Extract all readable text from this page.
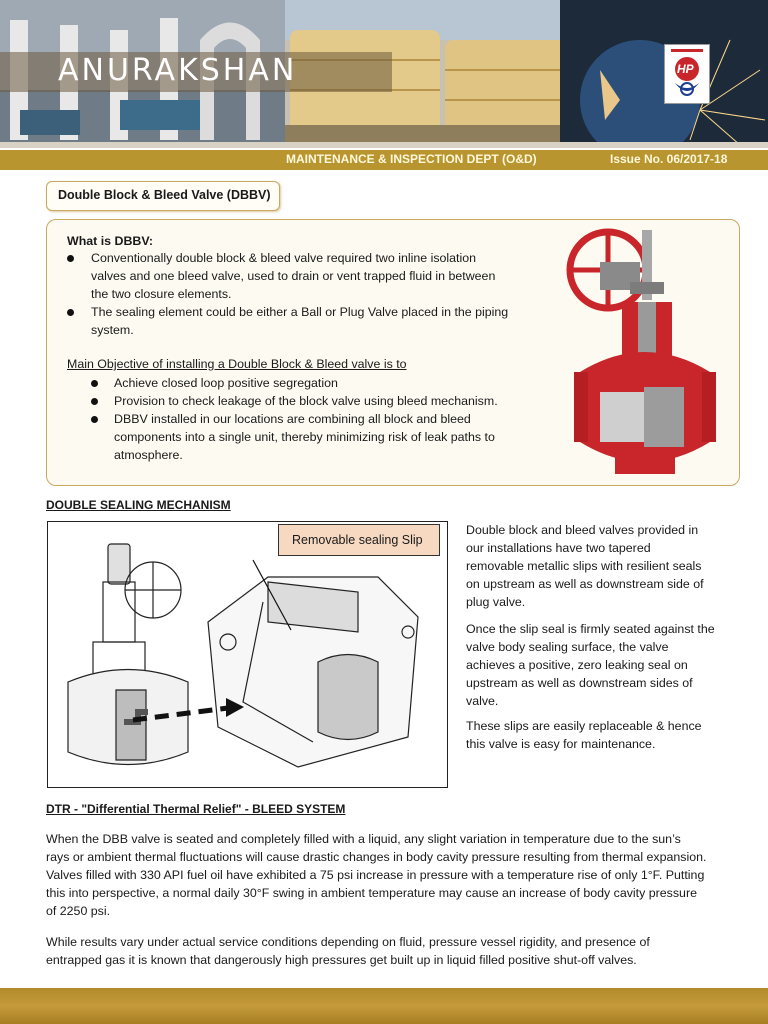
ANURAKSHAN	HP
MAINTENANCE & INSPECTION DEPT (O&D)	Issue No. 06/2017-18
Double Block & Bleed Valve (DBBV)
What is DBBV:
Conventionally double block & bleed valve required two inline isolation
valves and one bleed valve, used to drain or vent trapped fluid in between
the two closure elements.
The sealing element could be either a Ball or Plug Valve placed in the piping
system.
Main Objective of installing a Double Block & Bleed valve is to
Achieve closed loop positive segregation
Provision to check leakage of the block valve using bleed mechanism.
DBBV installed in our locations are combining all block and bleed
components into a single unit, thereby minimizing risk of leak paths to
atmosphere.
DOUBLE SEALING MECHANISM
Removable sealing Slip
Double block and bleed valves provided in
our installations have two tapered
removable metallic slips with resilient seals
on upstream as well as downstream side of
plug valve.
Once the slip seal is firmly seated against the
valve body sealing surface, the valve
achieves a positive, zero leaking seal on
upstream as well as downstream sides of
valve.
These slips are easily replaceable & hence
this valve is easy for maintenance.
DTR - "Differential Thermal Relief" - BLEED SYSTEM
When the DBB valve is seated and completely filled with a liquid, any slight variation in temperature due to the sun’s
rays or ambient thermal fluctuations will cause drastic changes in body cavity pressure resulting from thermal expansion.
Valves filled with 330 API fuel oil have exhibited a 75 psi increase in pressure with a temperature rise of only 1°F. Putting
this into perspective, a normal daily 30°F swing in ambient temperature may cause an increase of body cavity pressure
of 2250 psi.
While results vary under actual service conditions depending on fluid, pressure vessel rigidity, and presence of
entrapped gas it is known that dangerously high pressures get built up in liquid filled positive shut-off valves.
